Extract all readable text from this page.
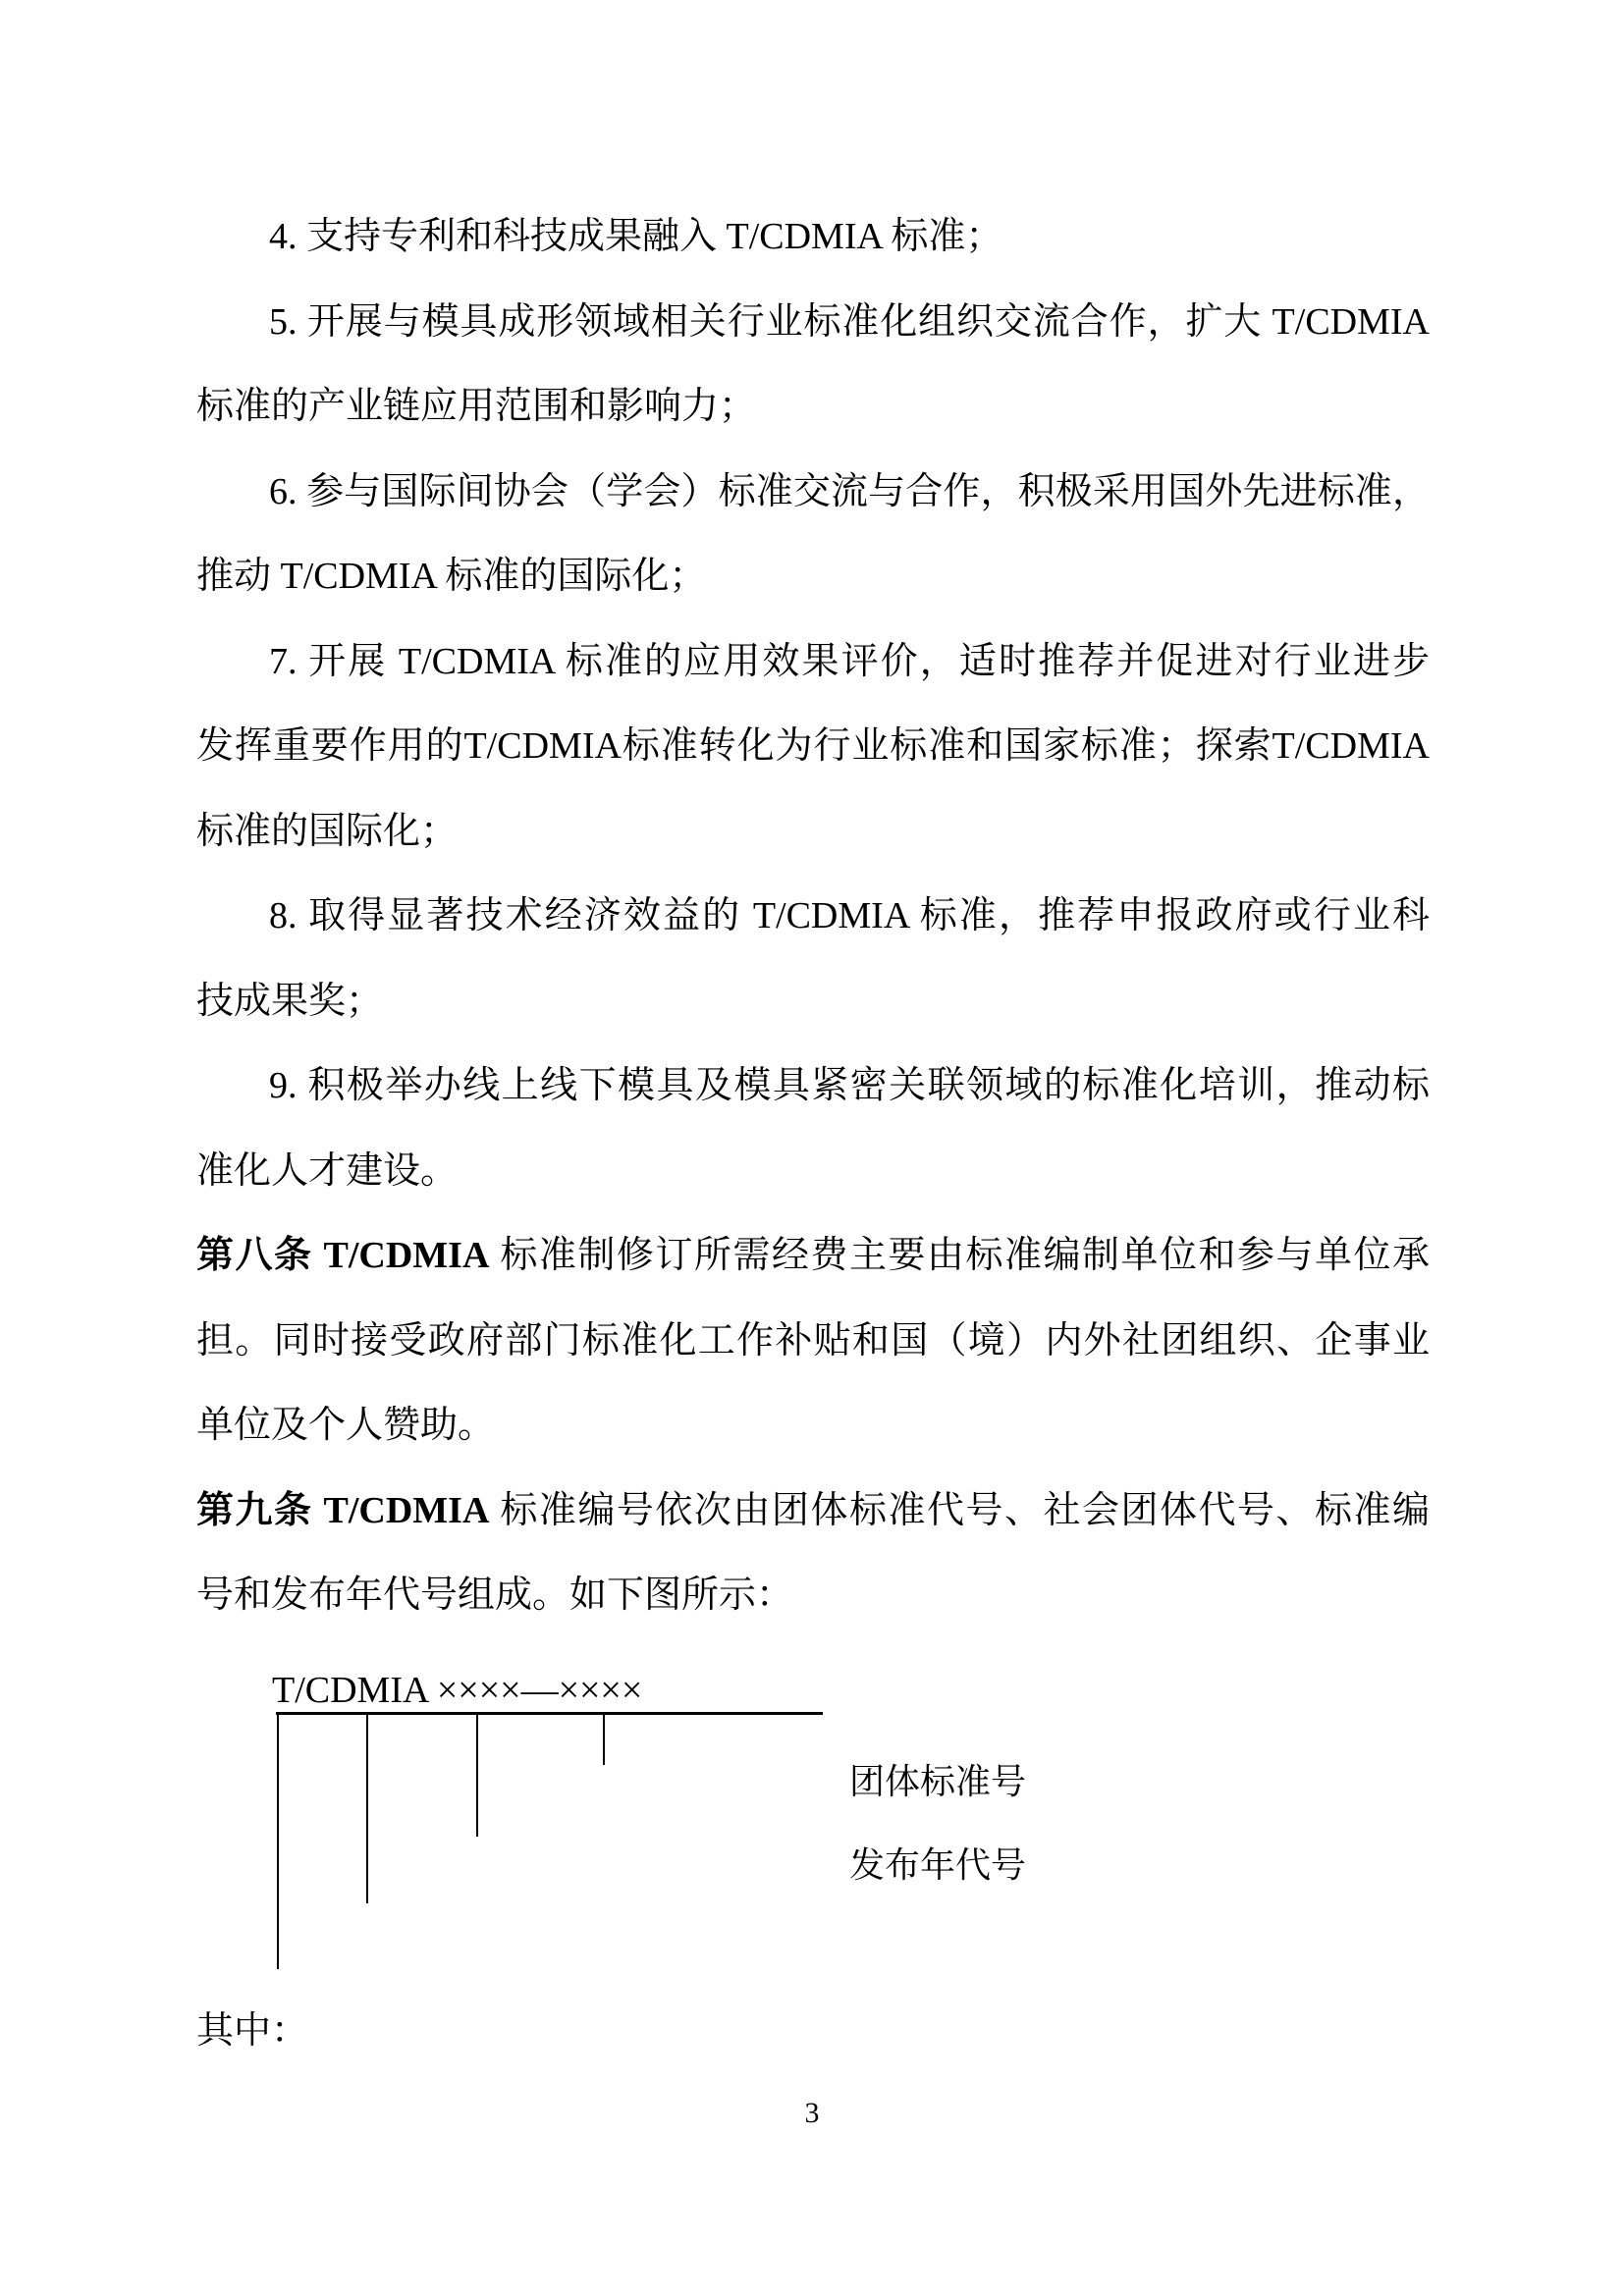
4. 支持专利和科技成果融入 T/CDMIA 标准；
5. 开展与模具成形领域相关行业标准化组织交流合作，扩大 T/CDMIA
标准的产业链应用范围和影响力；
6. 参与国际间协会（学会）标准交流与合作，积极采用国外先进标准，
推动 T/CDMIA 标准的国际化；
7. 开展 T/CDMIA 标准的应用效果评价，适时推荐并促进对行业进步
发挥重要作用的T/CDMIA标准转化为行业标准和国家标准；探索T/CDMIA
标准的国际化；
8. 取得显著技术经济效益的 T/CDMIA 标准，推荐申报政府或行业科
技成果奖；
9. 积极举办线上线下模具及模具紧密关联领域的标准化培训，推动标
准化人才建设。
第八条 T/CDMIA 标准制修订所需经费主要由标准编制单位和参与单位承
担。同时接受政府部门标准化工作补贴和国（境）内外社团组织、企事业
单位及个人赞助。
第九条 T/CDMIA 标准编号依次由团体标准代号、社会团体代号、标准编
号和发布年代号组成。如下图所示：
T/CDMIA ××××—××××
团体标准号
发布年代号
其中：
3
